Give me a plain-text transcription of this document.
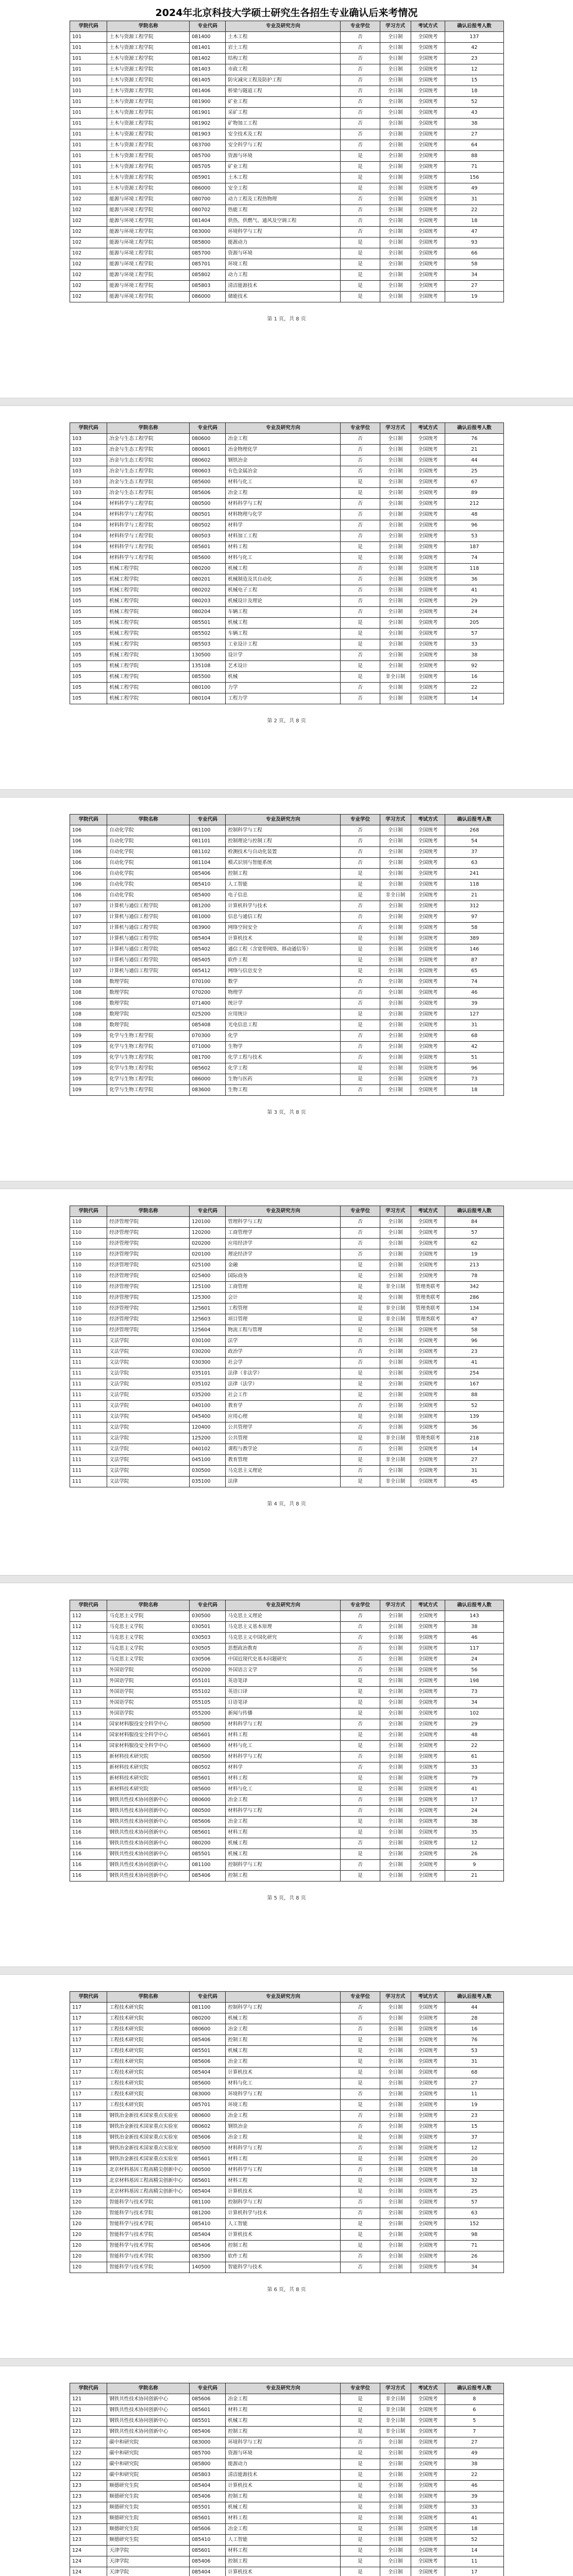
2024年北京科技大学硕士研究生各招生专业确认后来考情况
学院代码	学院名称	专业代码	专业及研究方向	专业学位	学习方式	考试方式	确认后报考人数
101	土木与资源工程学院	081400	土木工程	否	全日制	全国统考	137
101	土木与资源工程学院	081401	岩土工程	否	全日制	全国统考	42
101	土木与资源工程学院	081402	结构工程	否	全日制	全国统考	23
101	土木与资源工程学院	081403	市政工程	否	全日制	全国统考	12
101	土木与资源工程学院	081405	防灾减灾工程及防护工程	否	全日制	全国统考	15
101	土木与资源工程学院	081406	桥梁与隧道工程	否	全日制	全国统考	18
101	土木与资源工程学院	081900	矿业工程	否	全日制	全国统考	52
101	土木与资源工程学院	081901	采矿工程	否	全日制	全国统考	43
101	土木与资源工程学院	081902	矿物加工工程	否	全日制	全国统考	38
101	土木与资源工程学院	081903	安全技术及工程	否	全日制	全国统考	27
101	土木与资源工程学院	083700	安全科学与工程	否	全日制	全国统考	64
101	土木与资源工程学院	085700	资源与环境	是	全日制	全国统考	88
101	土木与资源工程学院	085705	矿业工程	是	全日制	全国统考	71
101	土木与资源工程学院	085901	土木工程	是	全日制	全国统考	156
101	土木与资源工程学院	086000	安全工程	是	全日制	全国统考	49
102	能源与环境工程学院	080700	动力工程及工程热物理	否	全日制	全国统考	31
102	能源与环境工程学院	080702	热能工程	否	全日制	全国统考	22
102	能源与环境工程学院	081404	供热、供燃气、通风及空调工程	否	全日制	全国统考	18
102	能源与环境工程学院	083000	环境科学与工程	否	全日制	全国统考	47
102	能源与环境工程学院	085800	能源动力	是	全日制	全国统考	93
102	能源与环境工程学院	085700	资源与环境	是	全日制	全国统考	66
102	能源与环境工程学院	085701	环境工程	是	全日制	全国统考	58
102	能源与环境工程学院	085802	动力工程	是	全日制	全国统考	34
102	能源与环境工程学院	085803	清洁能源技术	是	全日制	全国统考	27
102	能源与环境工程学院	086000	储能技术	是	全日制	全国统考	19
第 1 页，共 8 页
学院代码	学院名称	专业代码	专业及研究方向	专业学位	学习方式	考试方式	确认后报考人数
103	冶金与生态工程学院	080600	冶金工程	否	全日制	全国统考	76
103	冶金与生态工程学院	080601	冶金物理化学	否	全日制	全国统考	21
103	冶金与生态工程学院	080602	钢铁冶金	否	全日制	全国统考	44
103	冶金与生态工程学院	080603	有色金属冶金	否	全日制	全国统考	25
103	冶金与生态工程学院	085600	材料与化工	是	全日制	全国统考	67
103	冶金与生态工程学院	085606	冶金工程	是	全日制	全国统考	89
104	材料科学与工程学院	080500	材料科学与工程	否	全日制	全国统考	212
104	材料科学与工程学院	080501	材料物理与化学	否	全日制	全国统考	48
104	材料科学与工程学院	080502	材料学	否	全日制	全国统考	96
104	材料科学与工程学院	080503	材料加工工程	否	全日制	全国统考	53
104	材料科学与工程学院	085601	材料工程	是	全日制	全国统考	187
104	材料科学与工程学院	085600	材料与化工	是	全日制	全国统考	74
105	机械工程学院	080200	机械工程	否	全日制	全国统考	118
105	机械工程学院	080201	机械制造及其自动化	否	全日制	全国统考	36
105	机械工程学院	080202	机械电子工程	否	全日制	全国统考	41
105	机械工程学院	080203	机械设计及理论	否	全日制	全国统考	29
105	机械工程学院	080204	车辆工程	否	全日制	全国统考	24
105	机械工程学院	085501	机械工程	是	全日制	全国统考	205
105	机械工程学院	085502	车辆工程	是	全日制	全国统考	57
105	机械工程学院	085503	工业设计工程	是	全日制	全国统考	33
105	机械工程学院	130500	设计学	否	全日制	全国统考	38
105	机械工程学院	135108	艺术设计	是	全日制	全国统考	92
105	机械工程学院	085500	机械	是	非全日制	全国统考	16
105	机械工程学院	080100	力学	否	全日制	全国统考	22
105	机械工程学院	080104	工程力学	否	全日制	全国统考	14
第 2 页，共 8 页
学院代码	学院名称	专业代码	专业及研究方向	专业学位	学习方式	考试方式	确认后报考人数
106	自动化学院	081100	控制科学与工程	否	全日制	全国统考	268
106	自动化学院	081101	控制理论与控制工程	否	全日制	全国统考	54
106	自动化学院	081102	检测技术与自动化装置	否	全日制	全国统考	37
106	自动化学院	081104	模式识别与智能系统	否	全日制	全国统考	63
106	自动化学院	085406	控制工程	是	全日制	全国统考	241
106	自动化学院	085410	人工智能	是	全日制	全国统考	118
106	自动化学院	085400	电子信息	是	非全日制	全国统考	21
107	计算机与通信工程学院	081200	计算机科学与技术	否	全日制	全国统考	312
107	计算机与通信工程学院	081000	信息与通信工程	否	全日制	全国统考	97
107	计算机与通信工程学院	083900	网络空间安全	否	全日制	全国统考	58
107	计算机与通信工程学院	085404	计算机技术	是	全日制	全国统考	389
107	计算机与通信工程学院	085402	通信工程（含宽带网络、移动通信等）	是	全日制	全国统考	146
107	计算机与通信工程学院	085405	软件工程	是	全日制	全国统考	87
107	计算机与通信工程学院	085412	网络与信息安全	是	全日制	全国统考	65
108	数理学院	070100	数学	否	全日制	全国统考	74
108	数理学院	070200	物理学	否	全日制	全国统考	46
108	数理学院	071400	统计学	否	全日制	全国统考	39
108	数理学院	025200	应用统计	是	全日制	全国统考	127
108	数理学院	085408	光电信息工程	是	全日制	全国统考	31
109	化学与生物工程学院	070300	化学	否	全日制	全国统考	68
109	化学与生物工程学院	071000	生物学	否	全日制	全国统考	42
109	化学与生物工程学院	081700	化学工程与技术	否	全日制	全国统考	51
109	化学与生物工程学院	085602	化学工程	是	全日制	全国统考	96
109	化学与生物工程学院	086000	生物与医药	是	全日制	全国统考	73
109	化学与生物工程学院	083600	生物工程	否	全日制	全国统考	18
第 3 页，共 8 页
学院代码	学院名称	专业代码	专业及研究方向	专业学位	学习方式	考试方式	确认后报考人数
110	经济管理学院	120100	管理科学与工程	否	全日制	全国统考	84
110	经济管理学院	120200	工商管理学	否	全日制	全国统考	57
110	经济管理学院	020200	应用经济学	否	全日制	全国统考	62
110	经济管理学院	020100	理论经济学	否	全日制	全国统考	19
110	经济管理学院	025100	金融	是	全日制	全国统考	213
110	经济管理学院	025400	国际商务	是	全日制	全国统考	78
110	经济管理学院	125100	工商管理	是	非全日制	管理类联考	342
110	经济管理学院	125300	会计	是	全日制	管理类联考	286
110	经济管理学院	125601	工程管理	是	非全日制	管理类联考	134
110	经济管理学院	125603	项目管理	是	非全日制	管理类联考	47
110	经济管理学院	125604	物流工程与管理	是	全日制	全国统考	58
111	文法学院	030100	法学	否	全日制	全国统考	96
111	文法学院	030200	政治学	否	全日制	全国统考	23
111	文法学院	030300	社会学	否	全日制	全国统考	41
111	文法学院	035101	法律（非法学）	是	全日制	全国统考	254
111	文法学院	035102	法律（法学）	是	全日制	全国统考	167
111	文法学院	035200	社会工作	是	全日制	全国统考	88
111	文法学院	040100	教育学	否	全日制	全国统考	52
111	文法学院	045400	应用心理	是	全日制	全国统考	139
111	文法学院	120400	公共管理学	否	全日制	全国统考	36
111	文法学院	125200	公共管理	是	非全日制	管理类联考	218
111	文法学院	040102	课程与教学论	否	全日制	全国统考	14
111	文法学院	045100	教育管理	是	非全日制	全国统考	27
111	文法学院	030500	马克思主义理论	否	全日制	全国统考	31
111	文法学院	035100	法律	是	非全日制	全国统考	45
第 4 页，共 8 页
学院代码	学院名称	专业代码	专业及研究方向	专业学位	学习方式	考试方式	确认后报考人数
112	马克思主义学院	030500	马克思主义理论	否	全日制	全国统考	143
112	马克思主义学院	030501	马克思主义基本原理	否	全日制	全国统考	38
112	马克思主义学院	030503	马克思主义中国化研究	否	全日制	全国统考	46
112	马克思主义学院	030505	思想政治教育	否	全日制	全国统考	117
112	马克思主义学院	030506	中国近现代史基本问题研究	否	全日制	全国统考	24
113	外国语学院	050200	外国语言文学	否	全日制	全国统考	56
113	外国语学院	055101	英语笔译	是	全日制	全国统考	198
113	外国语学院	055102	英语口译	是	全日制	全国统考	73
113	外国语学院	055105	日语笔译	是	全日制	全国统考	34
113	外国语学院	055200	新闻与传播	是	全日制	全国统考	102
114	国家材料服役安全科学中心	080500	材料科学与工程	否	全日制	全国统考	29
114	国家材料服役安全科学中心	085601	材料工程	是	全日制	全国统考	48
114	国家材料服役安全科学中心	085600	材料与化工	是	全日制	全国统考	22
115	新材料技术研究院	080500	材料科学与工程	否	全日制	全国统考	61
115	新材料技术研究院	080502	材料学	否	全日制	全国统考	33
115	新材料技术研究院	085601	材料工程	是	全日制	全国统考	79
115	新材料技术研究院	085600	材料与化工	是	全日制	全国统考	41
116	钢铁共性技术协同创新中心	080600	冶金工程	否	全日制	全国统考	17
116	钢铁共性技术协同创新中心	080500	材料科学与工程	否	全日制	全国统考	24
116	钢铁共性技术协同创新中心	085606	冶金工程	是	全日制	全国统考	38
116	钢铁共性技术协同创新中心	085601	材料工程	是	全日制	全国统考	35
116	钢铁共性技术协同创新中心	080200	机械工程	否	全日制	全国统考	12
116	钢铁共性技术协同创新中心	085501	机械工程	是	全日制	全国统考	26
116	钢铁共性技术协同创新中心	081100	控制科学与工程	否	全日制	全国统考	9
116	钢铁共性技术协同创新中心	085406	控制工程	是	全日制	全国统考	21
第 5 页，共 8 页
学院代码	学院名称	专业代码	专业及研究方向	专业学位	学习方式	考试方式	确认后报考人数
117	工程技术研究院	081100	控制科学与工程	否	全日制	全国统考	44
117	工程技术研究院	080200	机械工程	否	全日制	全国统考	28
117	工程技术研究院	080600	冶金工程	否	全日制	全国统考	16
117	工程技术研究院	085406	控制工程	是	全日制	全国统考	76
117	工程技术研究院	085501	机械工程	是	全日制	全国统考	53
117	工程技术研究院	085606	冶金工程	是	全日制	全国统考	31
117	工程技术研究院	085404	计算机技术	是	全日制	全国统考	68
117	工程技术研究院	085600	材料与化工	是	全日制	全国统考	27
117	工程技术研究院	083000	环境科学与工程	否	全日制	全国统考	11
117	工程技术研究院	085701	环境工程	是	全日制	全国统考	19
118	钢铁冶金新技术国家重点实验室	080600	冶金工程	否	全日制	全国统考	23
118	钢铁冶金新技术国家重点实验室	080602	钢铁冶金	否	全日制	全国统考	15
118	钢铁冶金新技术国家重点实验室	085606	冶金工程	是	全日制	全国统考	37
118	钢铁冶金新技术国家重点实验室	080500	材料科学与工程	否	全日制	全国统考	12
118	钢铁冶金新技术国家重点实验室	085601	材料工程	是	全日制	全国统考	20
119	北京材料基因工程高精尖创新中心	080500	材料科学与工程	否	全日制	全国统考	18
119	北京材料基因工程高精尖创新中心	085601	材料工程	是	全日制	全国统考	32
119	北京材料基因工程高精尖创新中心	085404	计算机技术	是	全日制	全国统考	25
120	智能科学与技术学院	081100	控制科学与工程	否	全日制	全国统考	57
120	智能科学与技术学院	081200	计算机科学与技术	否	全日制	全国统考	63
120	智能科学与技术学院	085410	人工智能	是	全日制	全国统考	152
120	智能科学与技术学院	085404	计算机技术	是	全日制	全国统考	98
120	智能科学与技术学院	085406	控制工程	是	全日制	全国统考	71
120	智能科学与技术学院	083500	软件工程	否	全日制	全国统考	26
120	智能科学与技术学院	140500	智能科学与技术	否	全日制	全国统考	34
第 6 页，共 8 页
学院代码	学院名称	专业代码	专业及研究方向	专业学位	学习方式	考试方式	确认后报考人数
121	钢铁共性技术协同创新中心	085606	冶金工程	是	非全日制	全国统考	8
121	钢铁共性技术协同创新中心	085601	材料工程	是	非全日制	全国统考	6
121	钢铁共性技术协同创新中心	085501	机械工程	是	非全日制	全国统考	5
121	钢铁共性技术协同创新中心	085406	控制工程	是	非全日制	全国统考	7
122	碳中和研究院	083000	环境科学与工程	否	全日制	全国统考	27
122	碳中和研究院	085700	资源与环境	是	全日制	全国统考	49
122	碳中和研究院	085800	能源动力	是	全日制	全国统考	38
122	碳中和研究院	085803	清洁能源技术	是	全日制	全国统考	22
123	顺德研究生院	085404	计算机技术	是	全日制	全国统考	46
123	顺德研究生院	085406	控制工程	是	全日制	全国统考	39
123	顺德研究生院	085501	机械工程	是	全日制	全国统考	33
123	顺德研究生院	085601	材料工程	是	全日制	全国统考	41
123	顺德研究生院	085606	冶金工程	是	全日制	全国统考	18
123	顺德研究生院	085410	人工智能	是	全日制	全国统考	52
124	天津学院	085601	材料工程	是	全日制	全国统考	14
124	天津学院	085406	控制工程	是	全日制	全国统考	11
124	天津学院	085404	计算机技术	是	全日制	全国统考	17
